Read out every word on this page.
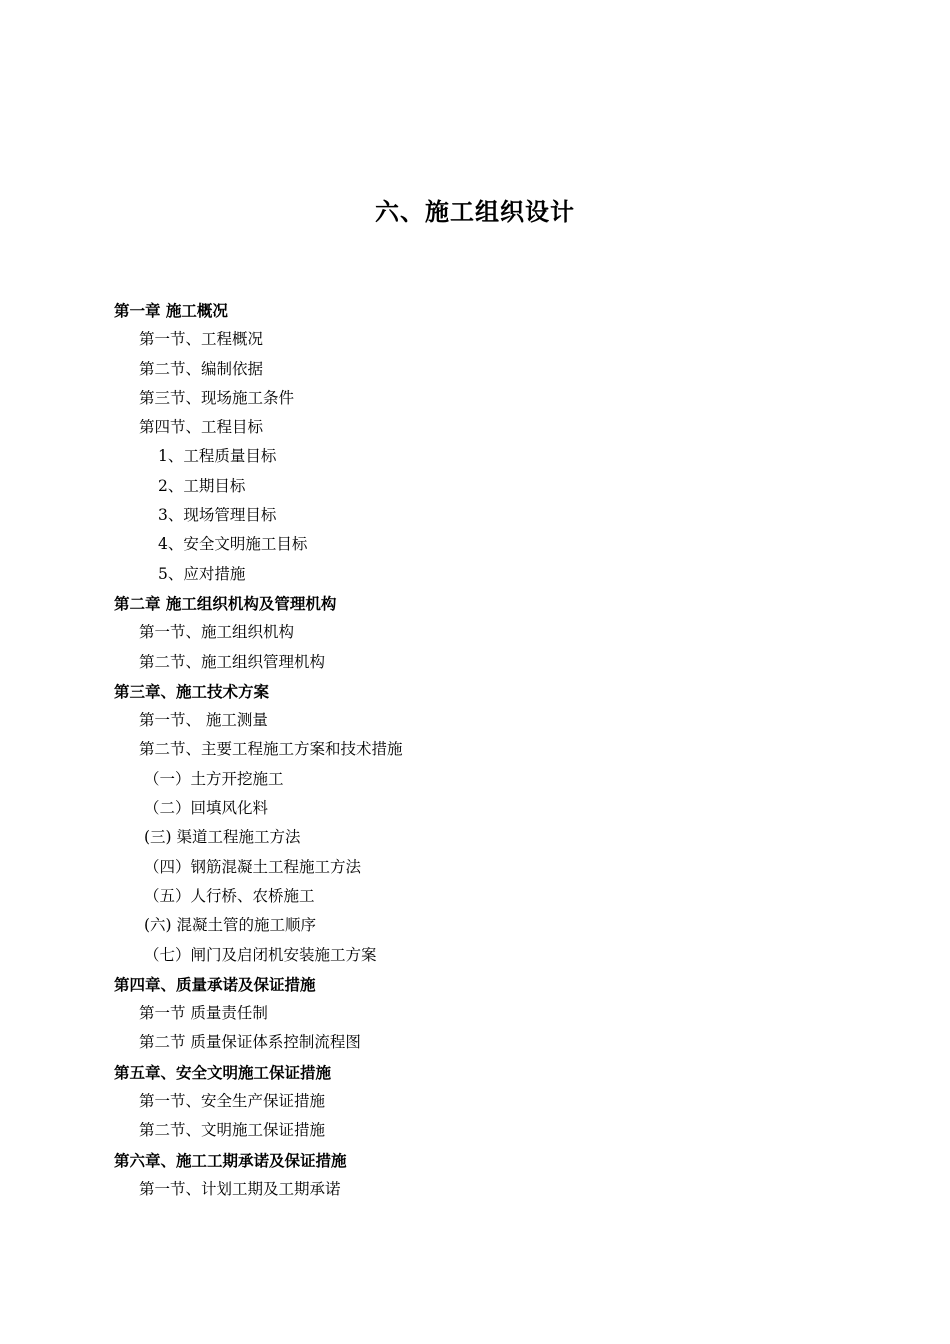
六、施工组织设计
第一章 施工概况
第一节、工程概况
第二节、编制依据
第三节、现场施工条件
第四节、工程目标
1、工程质量目标
2、工期目标
3、现场管理目标
4、安全文明施工目标
5、应对措施
第二章 施工组织机构及管理机构
第一节、施工组织机构
第二节、施工组织管理机构
第三章、施工技术方案
第一节、 施工测量
第二节、主要工程施工方案和技术措施
（一）土方开挖施工
（二）回填风化料
(三) 渠道工程施工方法
（四）钢筋混凝土工程施工方法
（五）人行桥、农桥施工
(六) 混凝土管的施工顺序
（七）闸门及启闭机安装施工方案
第四章、质量承诺及保证措施
第一节 质量责任制
第二节 质量保证体系控制流程图
第五章、安全文明施工保证措施
第一节、安全生产保证措施
第二节、文明施工保证措施
第六章、施工工期承诺及保证措施
第一节、计划工期及工期承诺
